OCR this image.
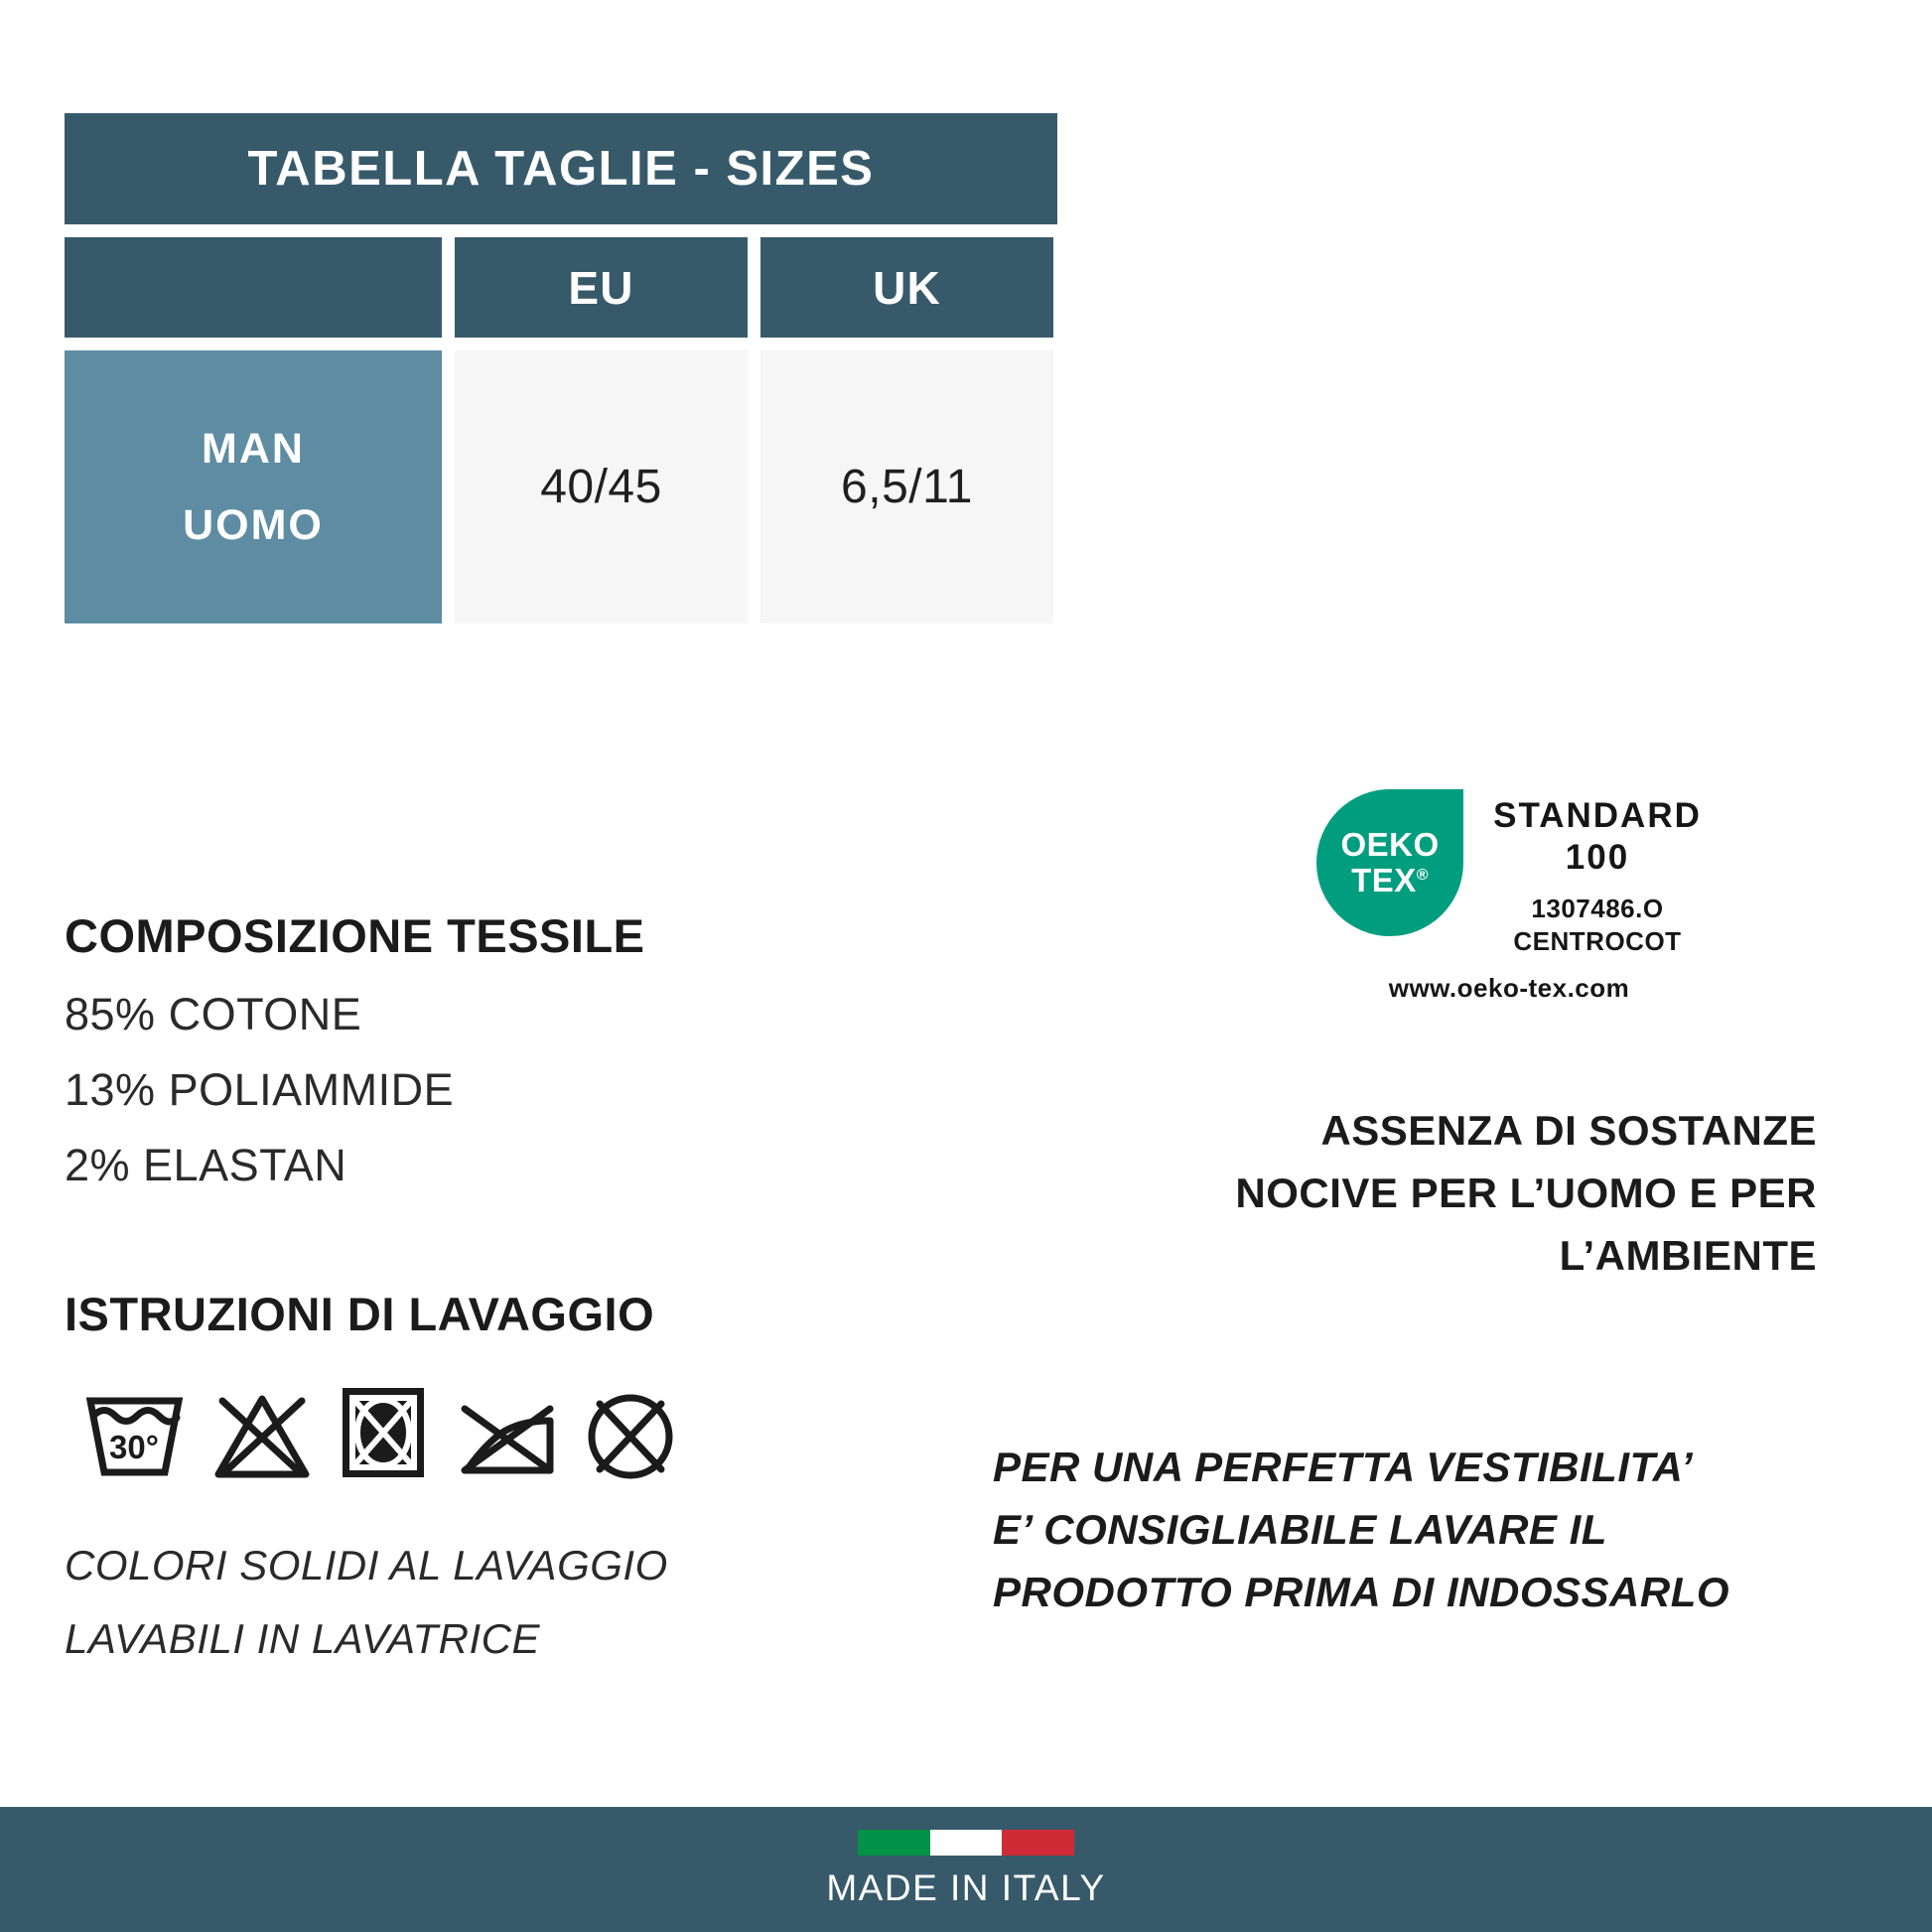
TABELLA TAGLIE - SIZES
EU	UK
MAN
UOMO
40/45	6,5/11

COMPOSIZIONE TESSILE

85% COTONE

13% POLIAMMIDE

2% ELASTAN

ISTRUZIONI DI LAVAGGIO

30°

COLORI SOLIDI AL LAVAGGIO

LAVABILI IN LAVATRICE

OEKO
TEX®
STANDARD
100
1307486.O
CENTROCOT
www.oeko-tex.com
ASSENZA DI SOSTANZE
NOCIVE PER L’UOMO E PER
L’AMBIENTE
PER UNA PERFETTA VESTIBILITA’
E’ CONSIGLIABILE LAVARE IL
PRODOTTO PRIMA DI INDOSSARLO
MADE IN ITALY
